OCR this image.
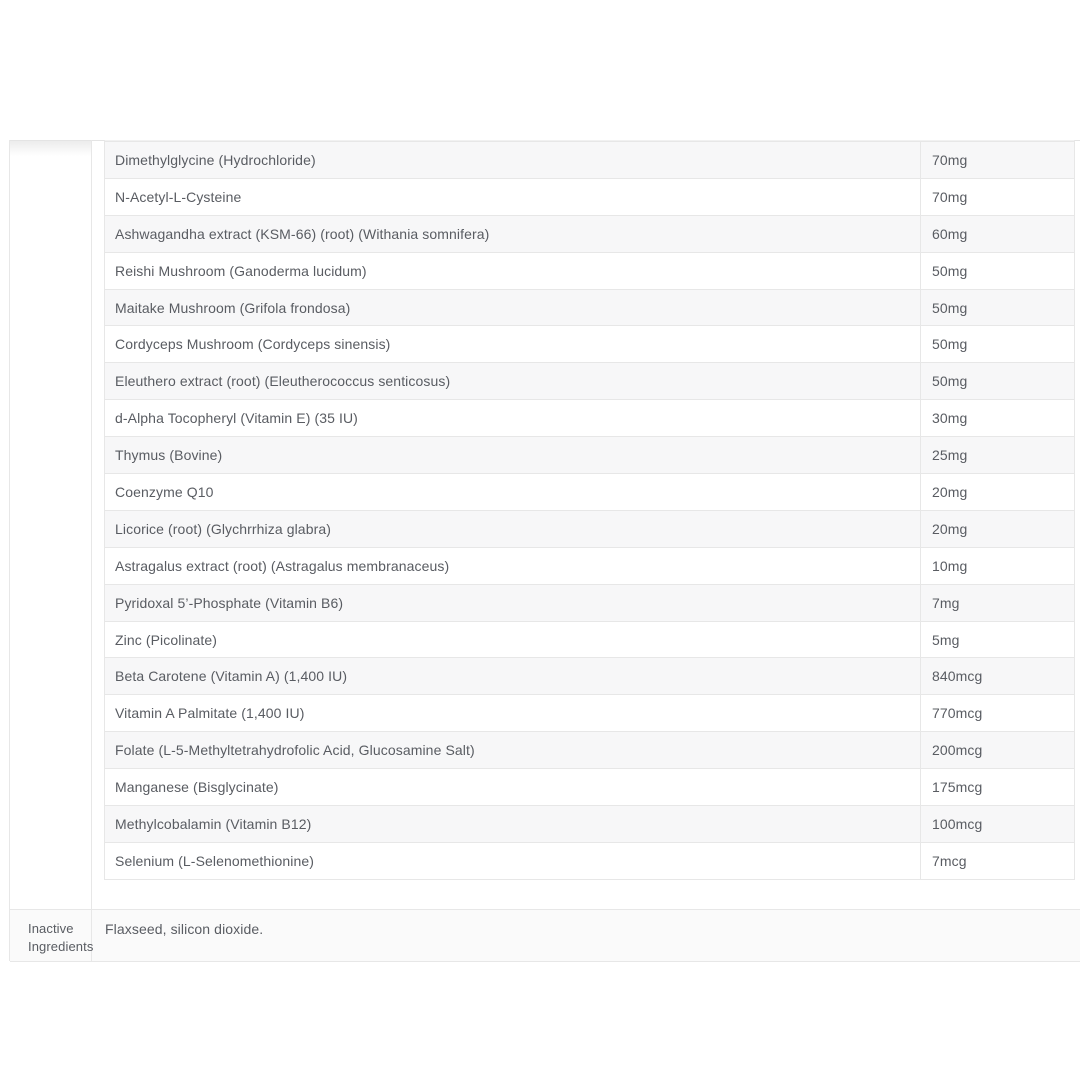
Dimethylglycine (Hydrochloride)	70mg
N-Acetyl-L-Cysteine	70mg
Ashwagandha extract (KSM-66) (root) (Withania somnifera)	60mg
Reishi Mushroom (Ganoderma lucidum)	50mg
Maitake Mushroom (Grifola frondosa)	50mg
Cordyceps Mushroom (Cordyceps sinensis)	50mg
Eleuthero extract (root) (Eleutherococcus senticosus)	50mg
d-Alpha Tocopheryl (Vitamin E) (35 IU)	30mg
Thymus (Bovine)	25mg
Coenzyme Q10	20mg
Licorice (root) (Glychrrhiza glabra)	20mg
Astragalus extract (root) (Astragalus membranaceus)	10mg
Pyridoxal 5’-Phosphate (Vitamin B6)	7mg
Zinc (Picolinate)	5mg
Beta Carotene (Vitamin A) (1,400 IU)	840mcg
Vitamin A Palmitate (1,400 IU)	770mcg
Folate (L-5-Methyltetrahydrofolic Acid, Glucosamine Salt)	200mcg
Manganese (Bisglycinate)	175mcg
Methylcobalamin (Vitamin B12)	100mcg
Selenium (L-Selenomethionine)	7mcg
Inactive Ingredients
Flaxseed, silicon dioxide.
